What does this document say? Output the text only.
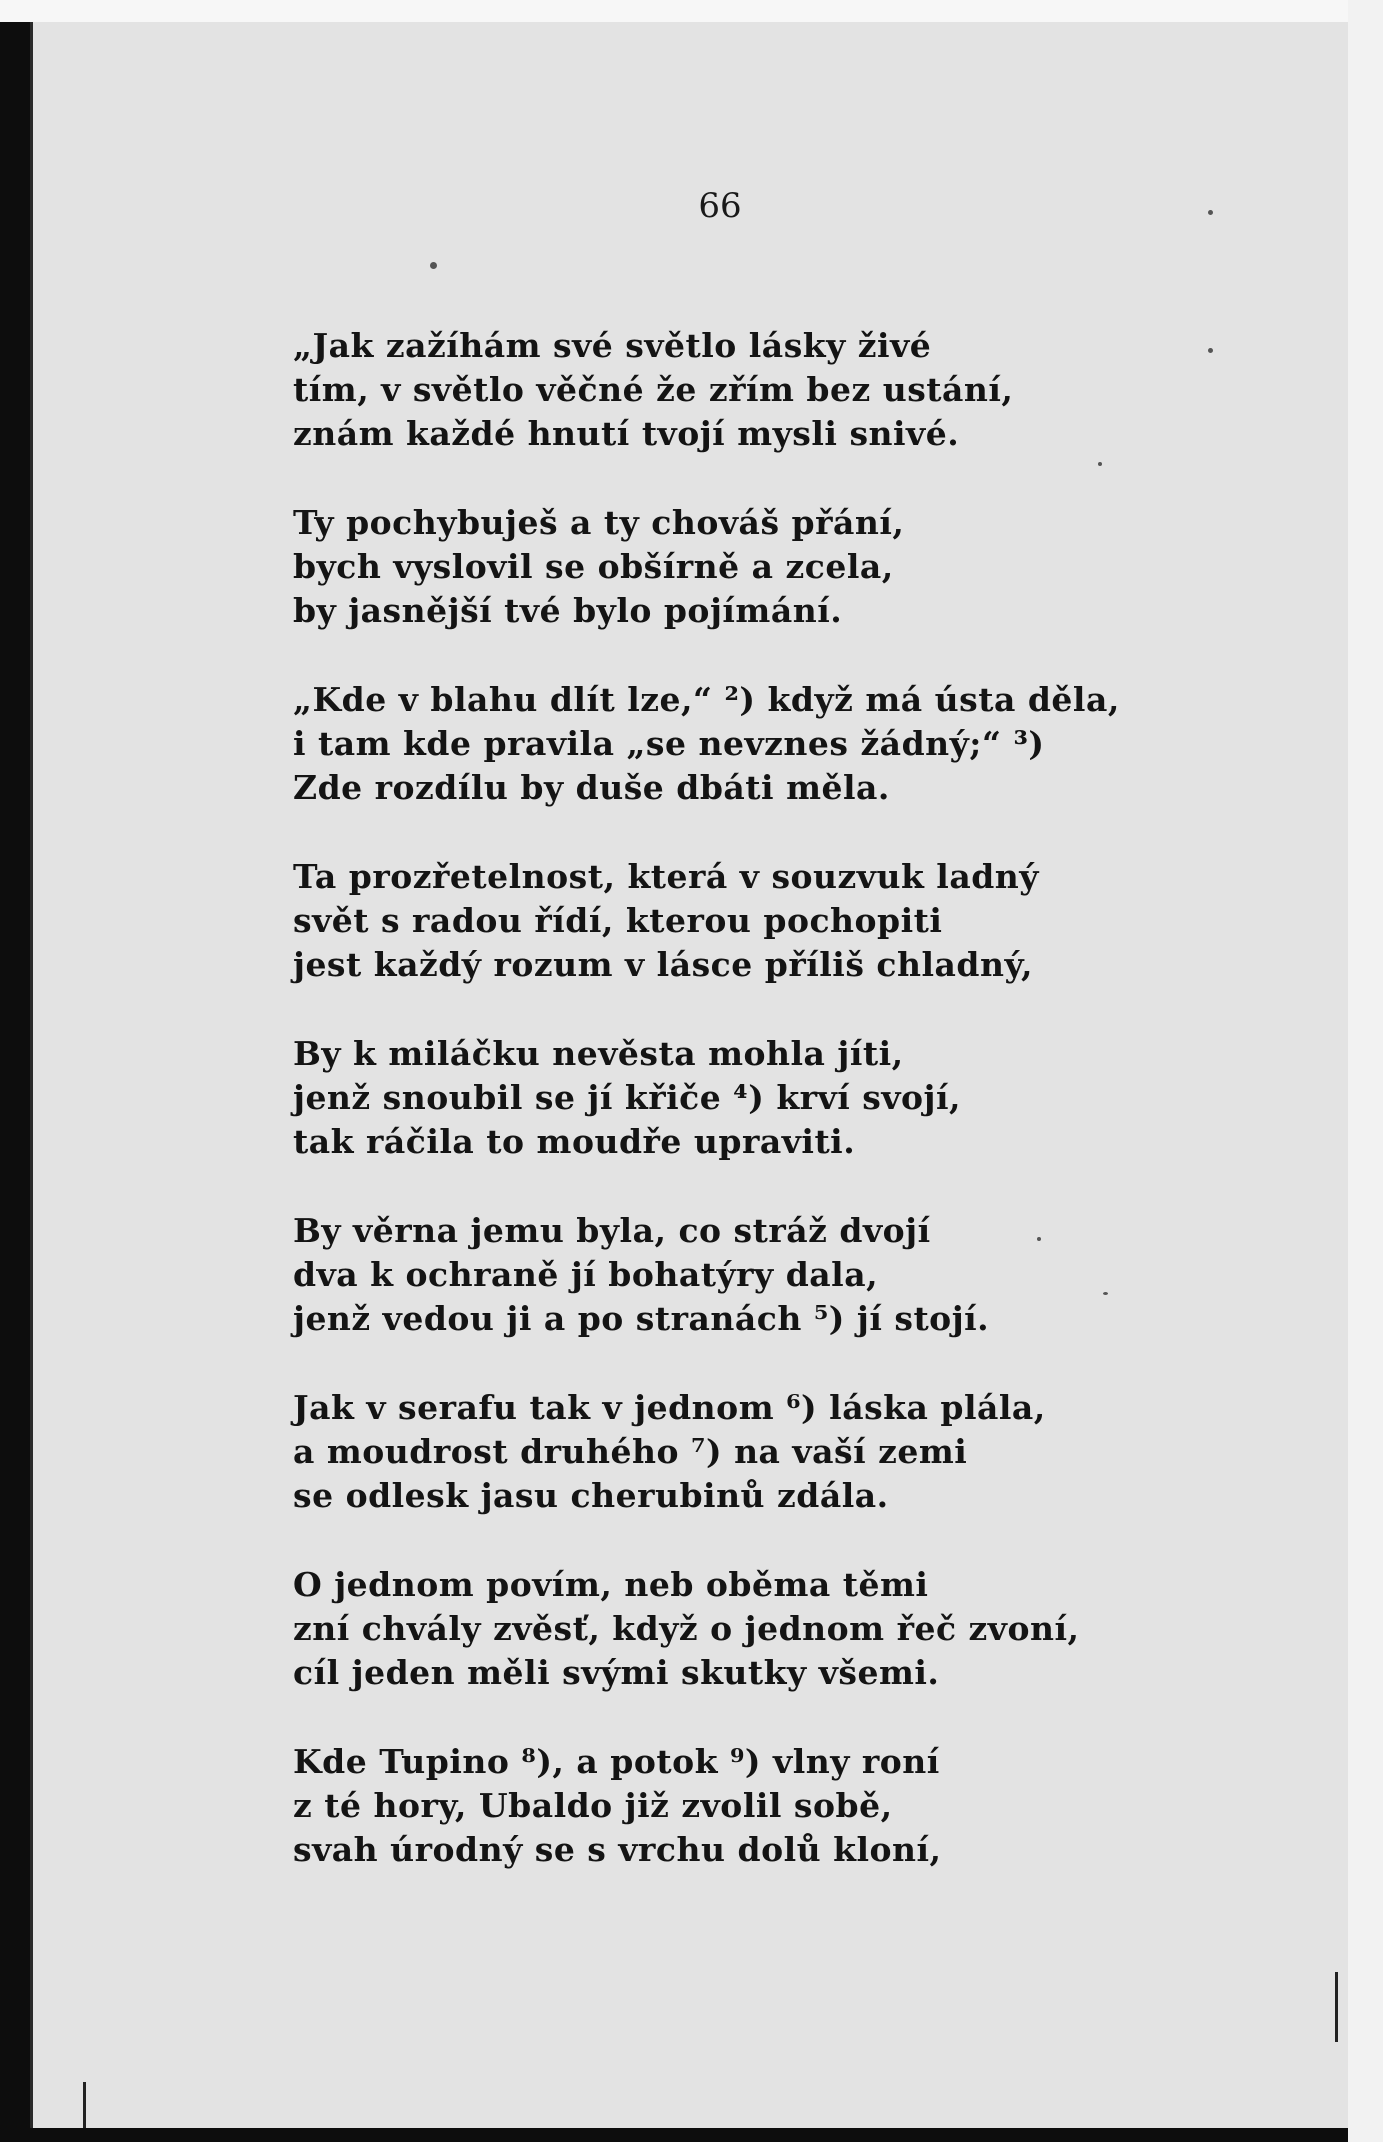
66
„Jak zažíhám své světlo lásky živé
tím, v světlo věčné že zřím bez ustání,
znám každé hnutí tvojí mysli snivé.
Ty pochybuješ a ty chováš přání,
bych vyslovil se obšírně a zcela,
by jasnější tvé bylo pojímání.
„Kde v blahu dlít lze,“ ²) když má ústa děla,
i tam kde pravila „se nevznes žádný;“ ³)
Zde rozdílu by duše dbáti měla.
Ta prozřetelnost, která v souzvuk ladný
svět s radou řídí, kterou pochopiti
jest každý rozum v lásce příliš chladný,
By k miláčku nevěsta mohla jíti,
jenž snoubil se jí křiče ⁴) krví svojí,
tak ráčila to moudře upraviti.
By věrna jemu byla, co stráž dvojí
dva k ochraně jí bohatýry dala,
jenž vedou ji a po stranách ⁵) jí stojí.
Jak v serafu tak v jednom ⁶) láska plála,
a moudrost druhého ⁷) na vaší zemi
se odlesk jasu cherubinů zdála.
O jednom povím, neb oběma těmi
zní chvály zvěsť, když o jednom řeč zvoní,
cíl jeden měli svými skutky všemi.
Kde Tupino ⁸), a potok ⁹) vlny roní
z té hory, Ubaldo již zvolil sobě,
svah úrodný se s vrchu dolů kloní,
